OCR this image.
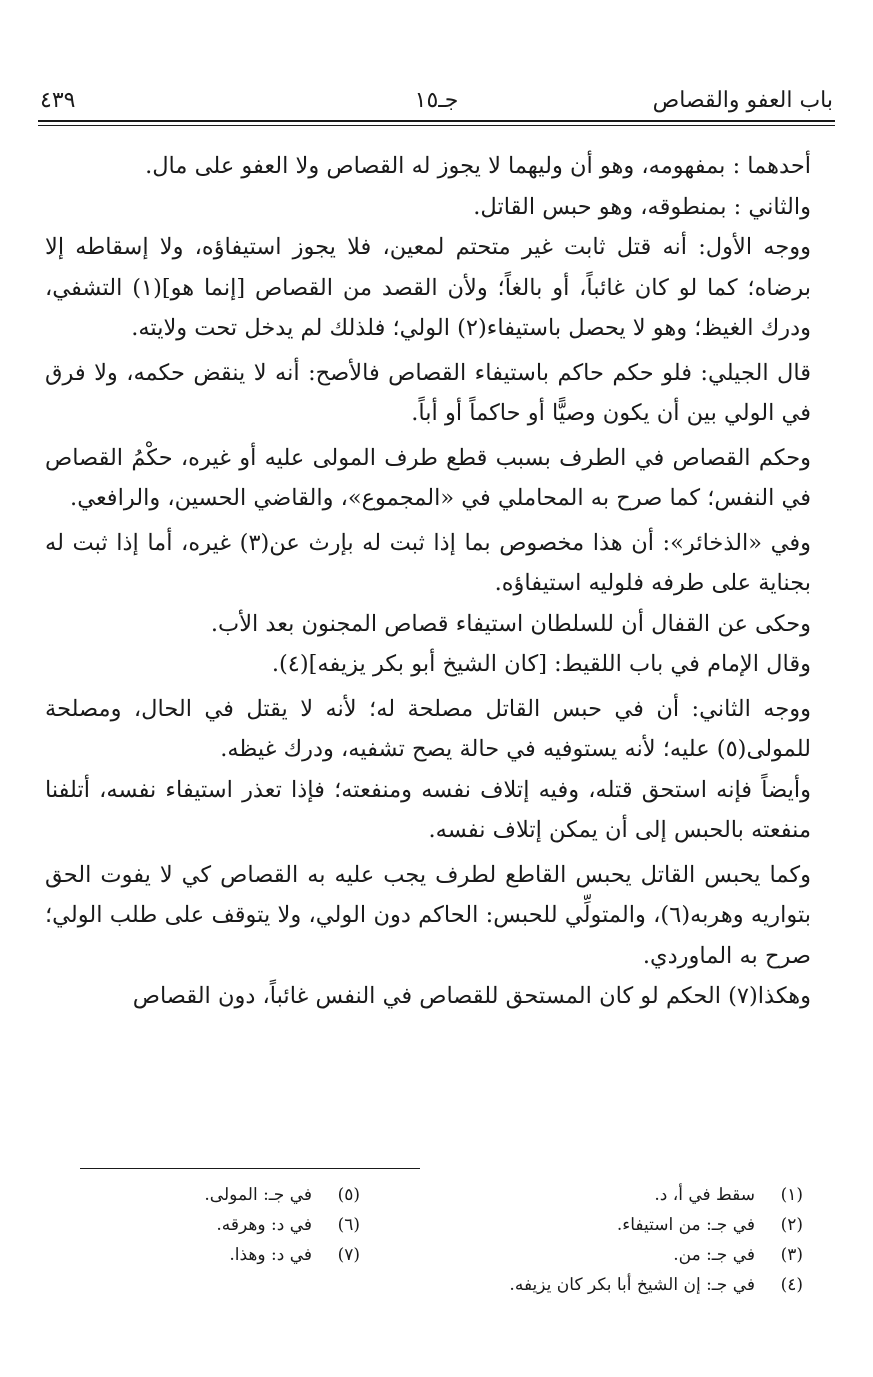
باب العفو والقصاص
جـ١٥
٤٣٩

أحدهما : بمفهومه، وهو أن وليهما لا يجوز له القصاص ولا العفو على مال.

والثاني : بمنطوقه، وهو حبس القاتل.

ووجه الأول: أنه قتل ثابت غير متحتم لمعين، فلا يجوز استيفاؤه، ولا إسقاطه إلا برضاه؛ كما لو كان غائباً، أو بالغاً؛ ولأن القصد من القصاص [إنما هو](١) التشفي، ودرك الغيظ؛ وهو لا يحصل باستيفاء(٢) الولي؛ فلذلك لم يدخل تحت ولايته.

قال الجيلي: فلو حكم حاكم باستيفاء القصاص فالأصح: أنه لا ينقض حكمه، ولا فرق في الولي بين أن يكون وصيًّا أو حاكماً أو أباً.

وحكم القصاص في الطرف بسبب قطع طرف المولى عليه أو غيره، حكْمُ القصاص في النفس؛ كما صرح به المحاملي في «المجموع»، والقاضي الحسين، والرافعي.

وفي «الذخائر»: أن هذا مخصوص بما إذا ثبت له بإرث عن(٣) غيره، أما إذا ثبت له بجناية على طرفه فلوليه استيفاؤه.

وحكى عن القفال أن للسلطان استيفاء قصاص المجنون بعد الأب.

وقال الإمام في باب اللقيط: [كان الشيخ أبو بكر يزيفه](٤).

ووجه الثاني: أن في حبس القاتل مصلحة له؛ لأنه لا يقتل في الحال، ومصلحة للمولى(٥) عليه؛ لأنه يستوفيه في حالة يصح تشفيه، ودرك غيظه.

وأيضاً فإنه استحق قتله، وفيه إتلاف نفسه ومنفعته؛ فإذا تعذر استيفاء نفسه، أتلفنا منفعته بالحبس إلى أن يمكن إتلاف نفسه.

وكما يحبس القاتل يحبس القاطع لطرف يجب عليه به القصاص كي لا يفوت الحق بتواريه وهربه(٦)، والمتولِّي للحبس: الحاكم دون الولي، ولا يتوقف على طلب الولي؛ صرح به الماوردي.

وهكذا(٧) الحكم لو كان المستحق للقصاص في النفس غائباً، دون القصاص

(١)
سقط في أ، د.
(٢)
في جـ: من استيفاء.
(٣)
في جـ: من.
(٤)
في جـ: إن الشيخ أبا بكر كان يزيفه.
(٥)
في جـ: المولى.
(٦)
في د: وهرقه.
(٧)
في د: وهذا.
